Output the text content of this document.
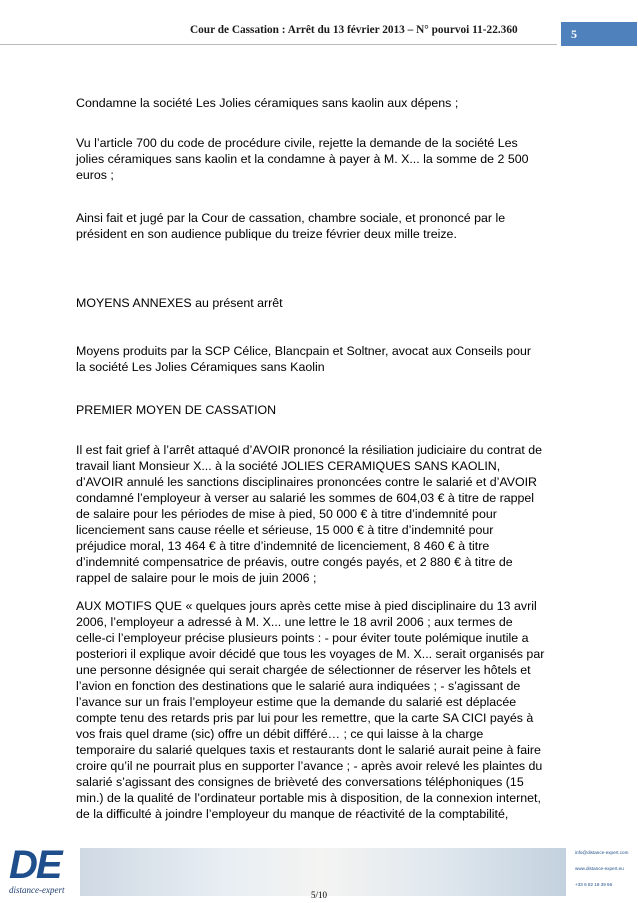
Cour de Cassation : Arrêt du 13 février 2013 – N° pourvoi 11-22.360	5

Condamne la société Les Jolies céramiques sans kaolin aux dépens ;

Vu l’article 700 du code de procédure civile, rejette la demande de la société Les

jolies céramiques sans kaolin et la condamne à payer à M. X... la somme de 2 500

euros ;

Ainsi fait et jugé par la Cour de cassation, chambre sociale, et prononcé par le

président en son audience publique du treize février deux mille treize.

MOYENS ANNEXES au présent arrêt

Moyens produits par la SCP Célice, Blancpain et Soltner, avocat aux Conseils pour

la société Les Jolies Céramiques sans Kaolin

PREMIER MOYEN DE CASSATION

Il est fait grief à l’arrêt attaqué d’AVOIR prononcé la résiliation judiciaire du contrat de

travail liant Monsieur X... à la société JOLIES CERAMIQUES SANS KAOLIN,

d’AVOIR annulé les sanctions disciplinaires prononcées contre le salarié et d’AVOIR

condamné l’employeur à verser au salarié les sommes de 604,03 € à titre de rappel

de salaire pour les périodes de mise à pied, 50 000 € à titre d’indemnité pour

licenciement sans cause réelle et sérieuse, 15 000 € à titre d’indemnité pour

préjudice moral, 13 464 € à titre d’indemnité de licenciement, 8 460 € à titre

d’indemnité compensatrice de préavis, outre congés payés, et 2 880 € à titre de

rappel de salaire pour le mois de juin 2006 ;

AUX MOTIFS QUE « quelques jours après cette mise à pied disciplinaire du 13 avril

2006, l’employeur a adressé à M. X... une lettre le 18 avril 2006 ; aux termes de

celle-ci l’employeur précise plusieurs points : - pour éviter toute polémique inutile a

posteriori il explique avoir décidé que tous les voyages de M. X... serait organisés par

une personne désignée qui serait chargée de sélectionner de réserver les hôtels et

l’avion en fonction des destinations que le salarié aura indiquées ; - s’agissant de

l’avance sur un frais l’employeur estime que la demande du salarié est déplacée

compte tenu des retards pris par lui pour les remettre, que la carte SA CICI payés à

vos frais quel drame (sic) offre un débit différé… ; ce qui laisse à la charge

temporaire du salarié quelques taxis et restaurants dont le salarié aurait peine à faire

croire qu’il ne pourrait plus en supporter l’avance ; - après avoir relevé les plaintes du

salarié s’agissant des consignes de brièveté des conversations téléphoniques (15

min.) de la qualité de l’ordinateur portable mis à disposition, de la connexion internet,

de la difficulté à joindre l’employeur du manque de réactivité de la comptabilité,

DE
distance-expert
info@distance-expert.com
www.distance-expert.eu
+33 6 82 18 39 66
5/10
